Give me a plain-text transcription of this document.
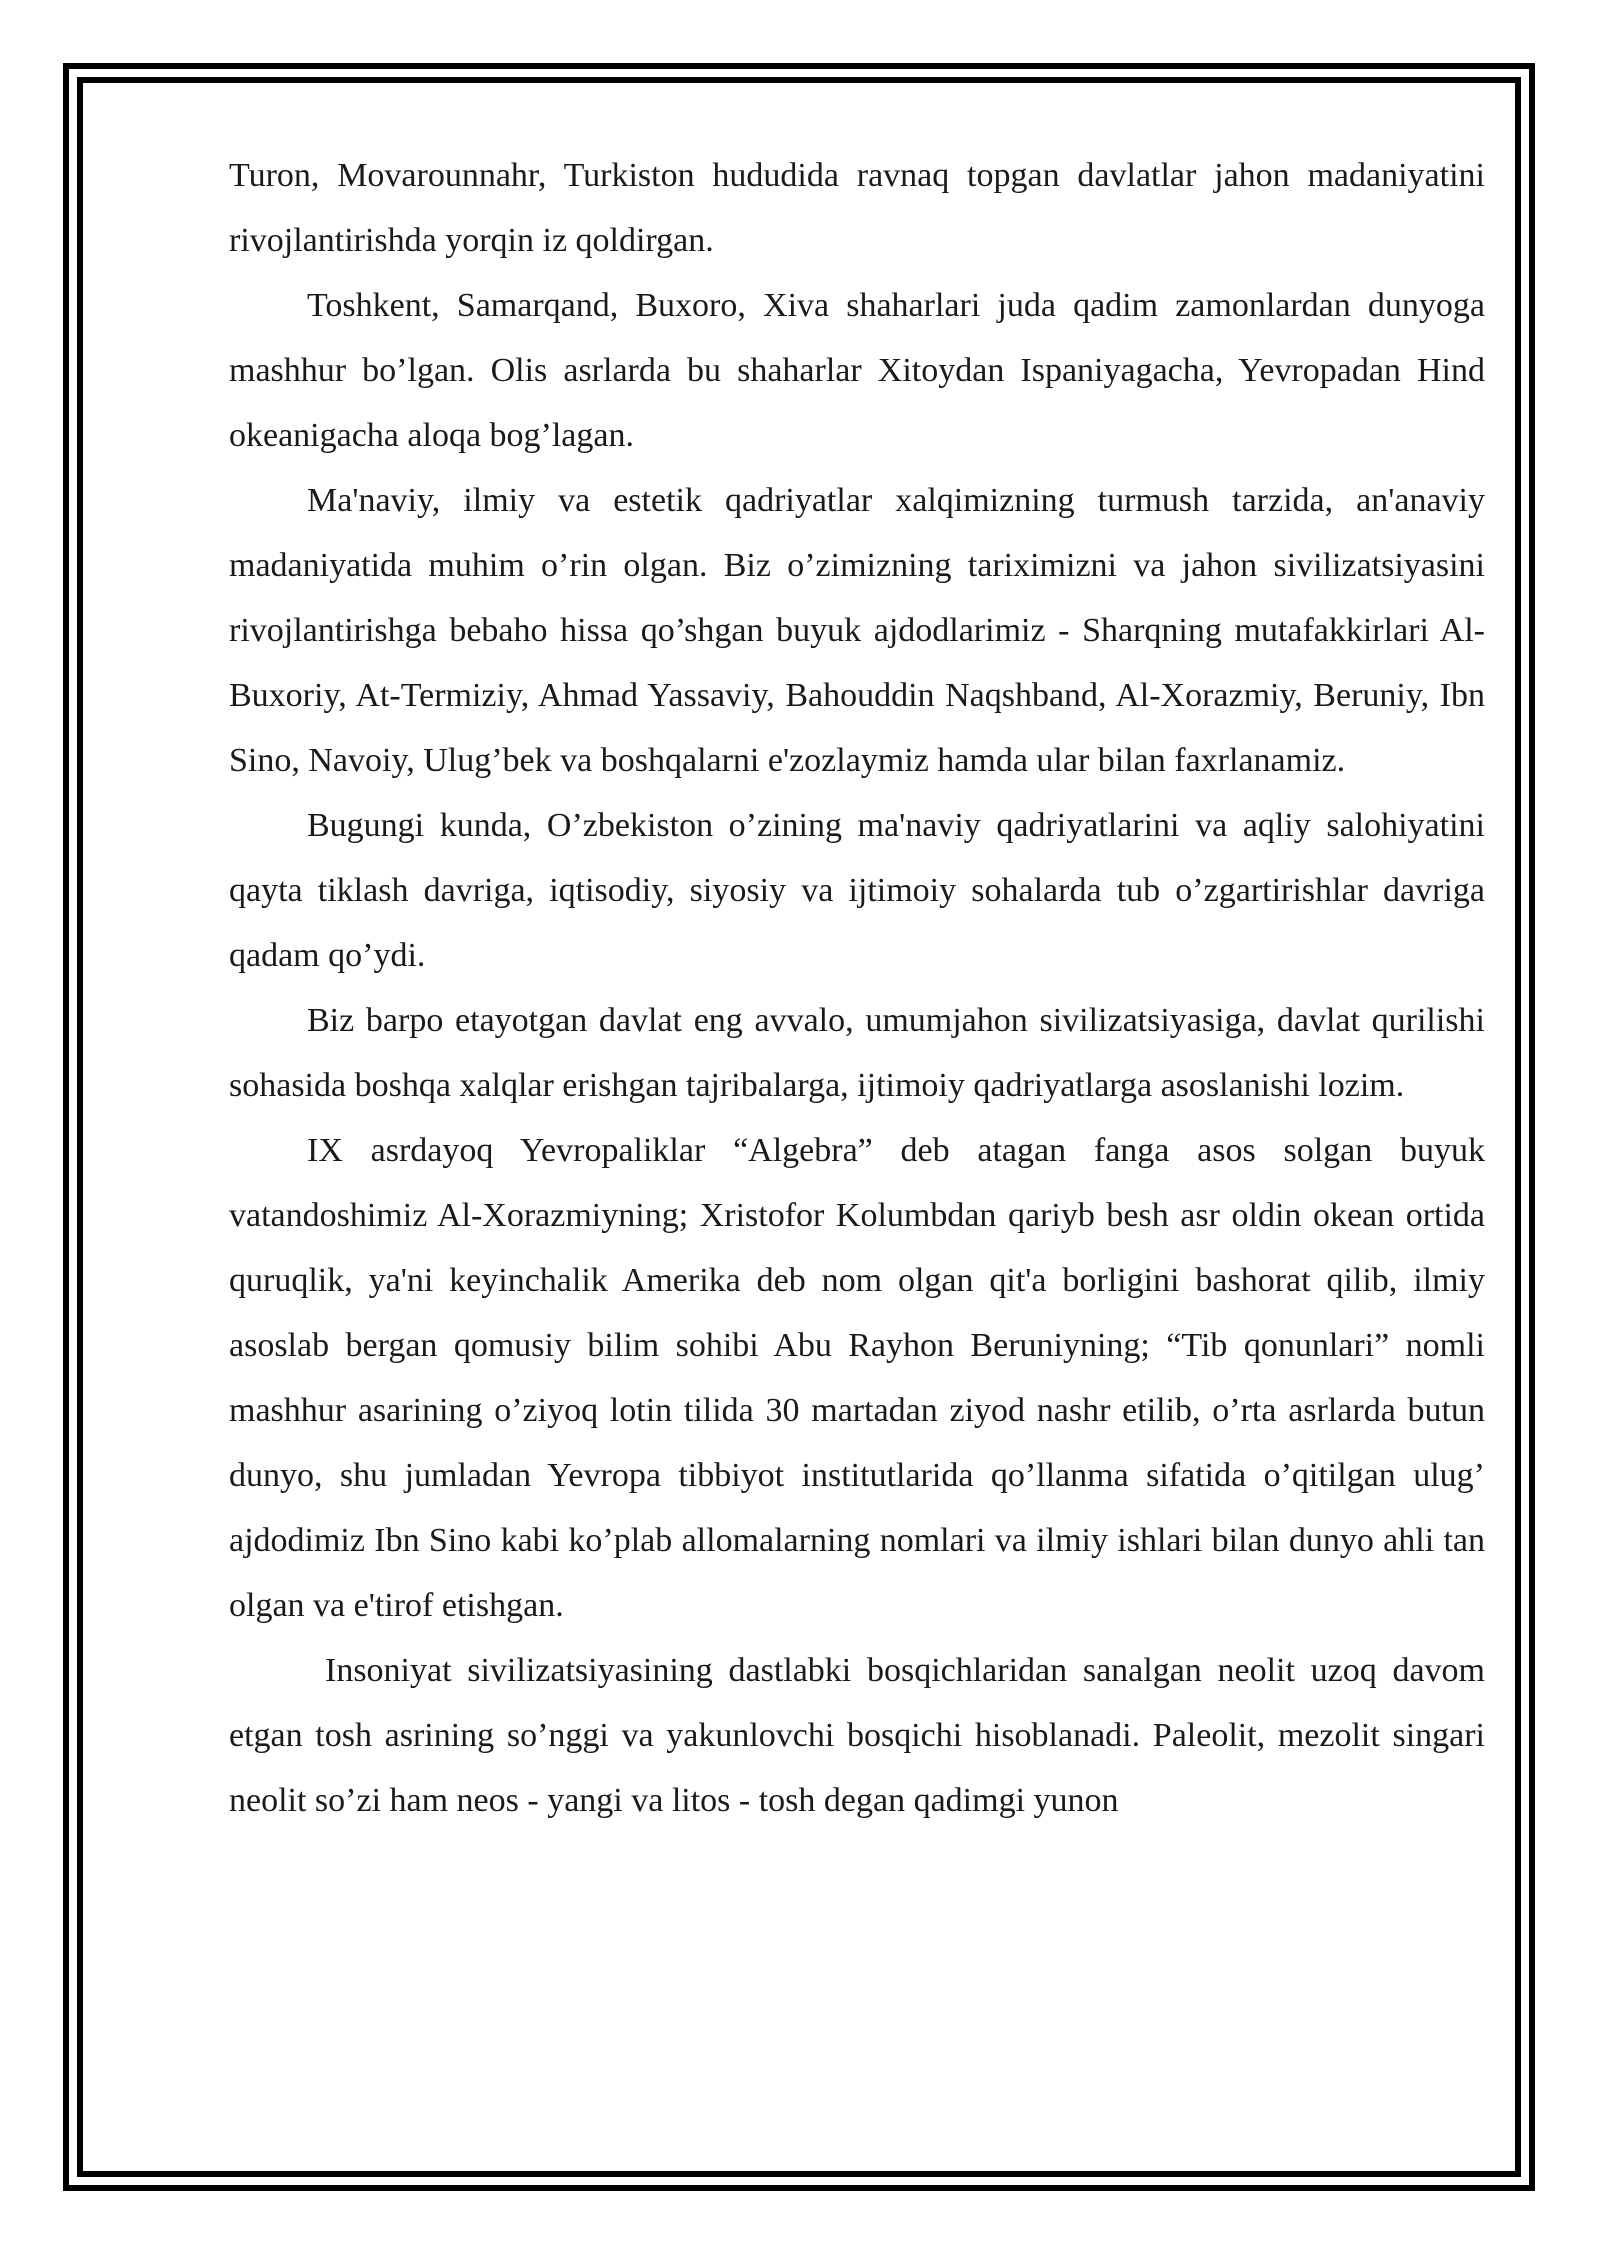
Turon, Movarounnahr, Turkiston hududida ravnaq topgan davlatlar jahon madaniyatini rivojlantirishda yorqin iz qoldirgan.

Toshkent, Samarqand, Buxoro, Xiva shaharlari juda qadim zamonlardan dunyoga mashhur bo’lgan. Olis asrlarda bu shaharlar Xitoydan Ispaniyagacha, Yevropadan Hind okeanigacha aloqa bog’lagan.

Ma'naviy, ilmiy va estetik qadriyatlar xalqimizning turmush tarzida, an'anaviy madaniyatida muhim o’rin olgan. Biz o’zimizning tariximizni va jahon sivilizatsiyasini rivojlantirishga bebaho hissa qo’shgan buyuk ajdodlarimiz - Sharqning mutafakkirlari Al-Buxoriy, At-Termiziy, Ahmad Yassaviy, Bahouddin Naqshband, Al-Xorazmiy, Beruniy, Ibn Sino, Navoiy, Ulug’bek va boshqalarni e'zozlaymiz hamda ular bilan faxrlanamiz.

Bugungi kunda, O’zbekiston o’zining ma'naviy qadriyatlarini va aqliy salohiyatini qayta tiklash davriga, iqtisodiy, siyosiy va ijtimoiy sohalarda tub o’zgartirishlar davriga qadam qo’ydi.

Biz barpo etayotgan davlat eng avvalo, umumjahon sivilizatsiyasiga, davlat qurilishi sohasida boshqa xalqlar erishgan tajribalarga, ijtimoiy qadriyatlarga asoslanishi lozim.

IX asrdayoq Yevropaliklar “Algebra” deb atagan fanga asos solgan buyuk vatandoshimiz Al-Xorazmiyning; Xristofor Kolumbdan qariyb besh asr oldin okean ortida quruqlik, ya'ni keyinchalik Amerika deb nom olgan qit'a borligini bashorat qilib, ilmiy asoslab bergan qomusiy bilim sohibi Abu Rayhon Beruniyning; “Tib qonunlari” nomli mashhur asarining o’ziyoq lotin tilida 30 martadan ziyod nashr etilib, o’rta asrlarda butun dunyo, shu jumladan Yevropa tibbiyot institutlarida qo’llanma sifatida o’qitilgan ulug’ ajdodimiz Ibn Sino kabi ko’plab allomalarning nomlari va ilmiy ishlari bilan dunyo ahli tan olgan va e'tirof etishgan.

Insoniyat sivilizatsiyasining dastlabki bosqichlaridan sanalgan neolit uzoq davom etgan tosh asrining so’nggi va yakunlovchi bosqichi hisoblanadi. Paleolit, mezolit singari neolit so’zi ham neos - yangi va litos - tosh degan qadimgi yunon
